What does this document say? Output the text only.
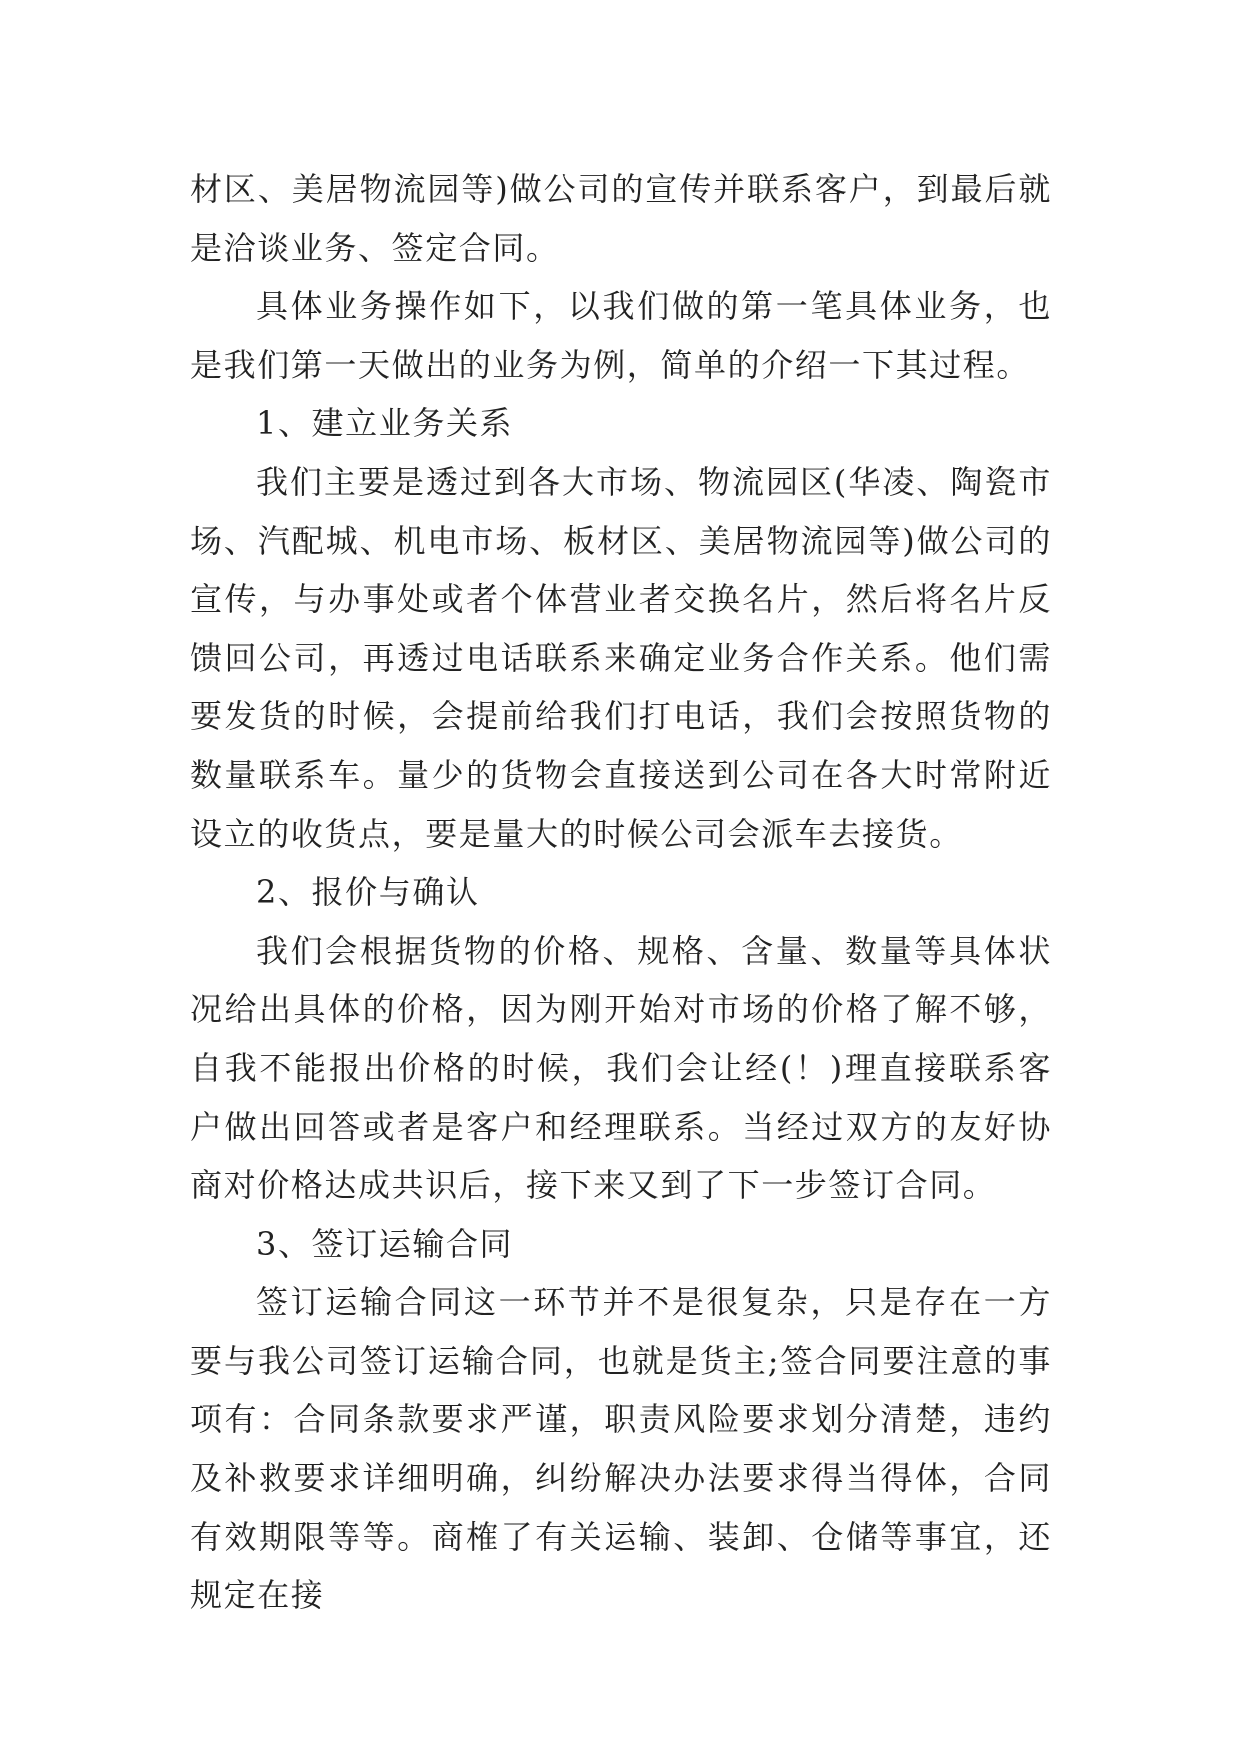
材区、美居物流园等)做公司的宣传并联系客户，到最后就是洽谈业务、签定合同。

具体业务操作如下，以我们做的第一笔具体业务，也是我们第一天做出的业务为例，简单的介绍一下其过程。

1、建立业务关系

我们主要是透过到各大市场、物流园区(华凌、陶瓷市场、汽配城、机电市场、板材区、美居物流园等)做公司的宣传，与办事处或者个体营业者交换名片，然后将名片反馈回公司，再透过电话联系来确定业务合作关系。他们需要发货的时候，会提前给我们打电话，我们会按照货物的数量联系车。量少的货物会直接送到公司在各大时常附近设立的收货点，要是量大的时候公司会派车去接货。

2、报价与确认

我们会根据货物的价格、规格、含量、数量等具体状况给出具体的价格，因为刚开始对市场的价格了解不够，自我不能报出价格的时候，我们会让经(！)理直接联系客户做出回答或者是客户和经理联系。当经过双方的友好协商对价格达成共识后，接下来又到了下一步签订合同。

3、签订运输合同

签订运输合同这一环节并不是很复杂，只是存在一方要与我公司签订运输合同，也就是货主;签合同要注意的事项有：合同条款要求严谨，职责风险要求划分清楚，违约及补救要求详细明确，纠纷解决办法要求得当得体，合同有效期限等等。商榷了有关运输、装卸、仓储等事宜，还规定在接
